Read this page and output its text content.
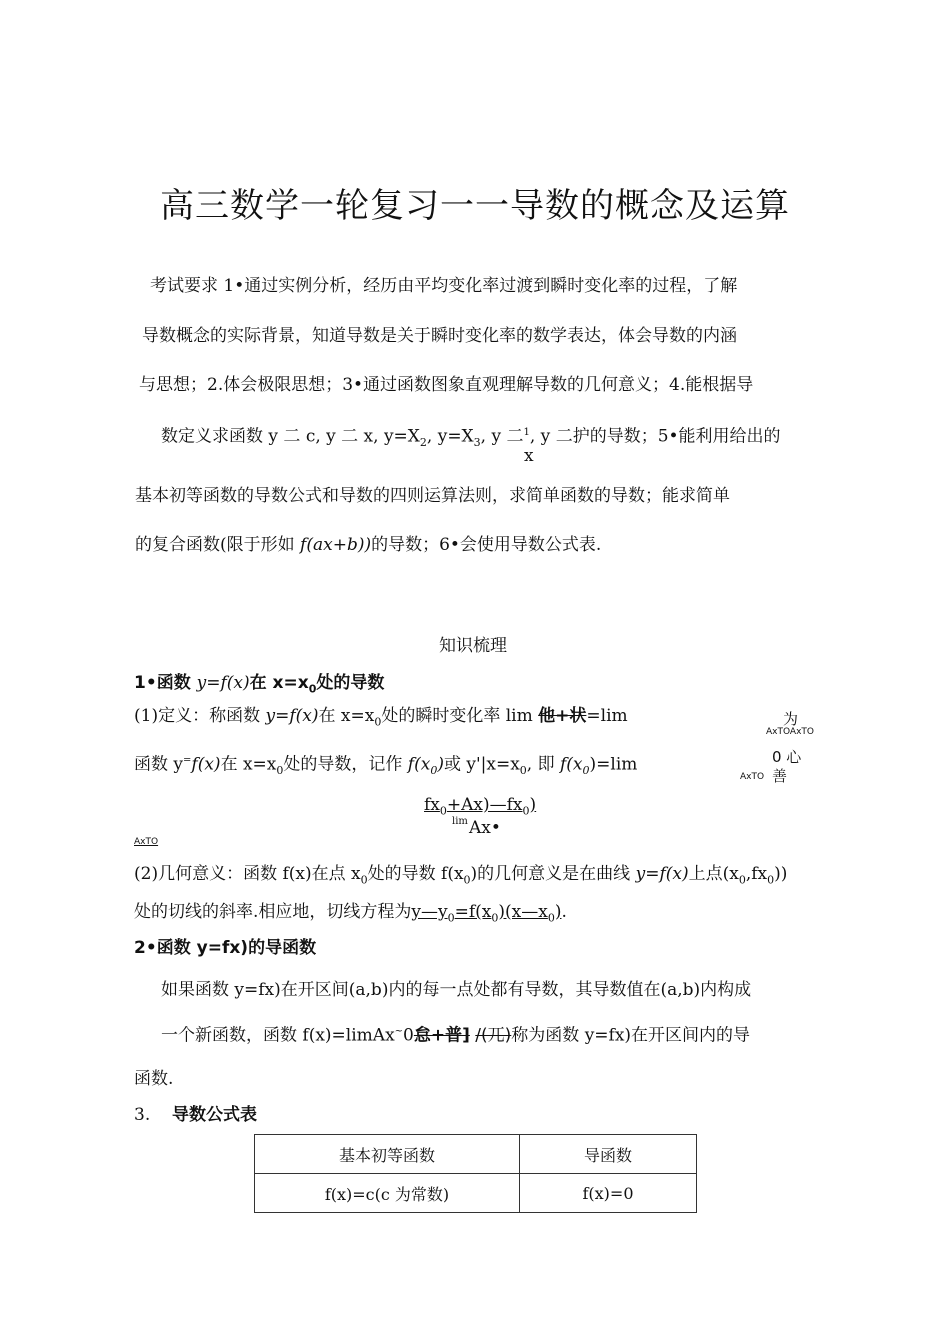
高三数学一轮复习一一导数的概念及运算
考试要求 1•通过实例分析，经历由平均变化率过渡到瞬时变化率的过程，了解
导数概念的实际背景，知道导数是关于瞬时变化率的数学表达，体会导数的内涵
与思想；2.体会极限思想；3•通过函数图象直观理解导数的几何意义；4.能根据导
数定义求函数 y 二 c, y 二 x, $y=X_2$, $y=X_3$, y 二$^1$, y 二护的导数；5•能利用给出的
x
基本初等函数的导数公式和导数的四则运算法则，求简单函数的导数；能求简单
的复合函数(限于形如 f(ax+b))的导数；6•会使用导数公式表.
知识梳理
1•函数 y=f(x)在 $x=x_0$处的导数
(1)定义：称函数 y=f(x)在 $x=x_0$处的瞬时变化率 lim 他+状=lim	为
AxTOAxTO
0 心
AxTO 善
函数 y=f(x)在 $x=x_0$处的导数，记作 $f(x_0)$或 $y'|x=x_0$, 即 $f(x_0)=\lim$
$fx_0+Ax)—fx_0$)
lim Ax•
AxTO
(2)几何意义：函数 f(x)在点 $x_0$处的导数 $f(x_0)$的几何意义是在曲线 y=f(x)上点$(x_0,fx_0)$)
处的切线的斜率.相应地，切线方程为$y—y_0=f(x_0)(x—x_0)$.
2•函数 y=fx)的导函数
如果函数 y=fx)在开区间(a,b)内的每一点处都有导数，其导数值在(a,b)内构成
一个新函数，函数 f(x)=limAx~0怠+普] /(兀)称为函数 y=fx)在开区间内的导
函数.
3. 导数公式表
基本初等函数	导函数
f(x)=c(c 为常数)	f(x)=0
